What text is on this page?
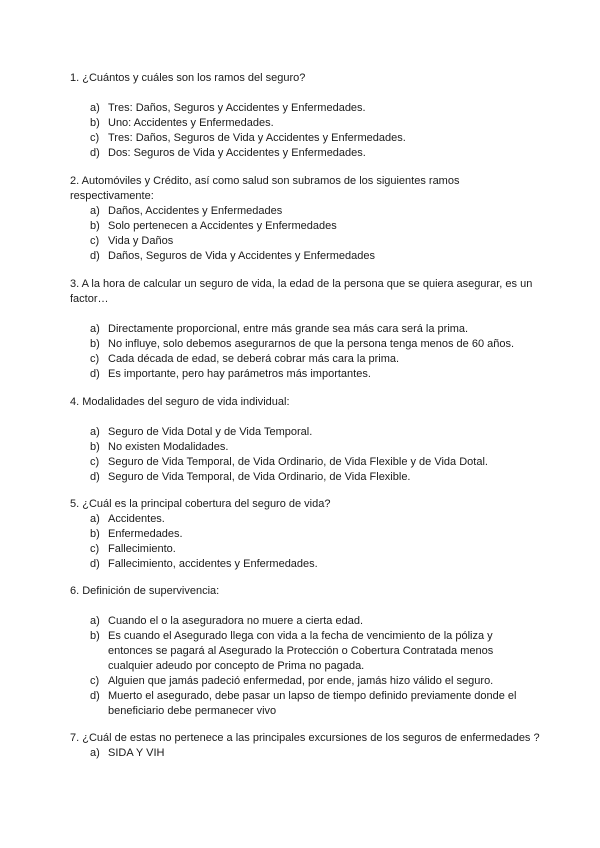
1. ¿Cuántos y cuáles son los ramos del seguro?

a) Tres: Daños, Seguros y Accidentes y Enfermedades.
b) Uno: Accidentes y Enfermedades.
c) Tres: Daños, Seguros de Vida y Accidentes y Enfermedades.
d) Dos: Seguros de Vida y Accidentes y Enfermedades.

2. Automóviles y Crédito, así como salud son subramos de los siguientes ramos respectivamente:

a) Daños, Accidentes y Enfermedades
b) Solo pertenecen a Accidentes y Enfermedades
c) Vida y Daños
d) Daños, Seguros de Vida y Accidentes y Enfermedades

3. A la hora de calcular un seguro de vida, la edad de la persona que se quiera asegurar, es un factor…

a) Directamente proporcional, entre más grande sea más cara será la prima.
b) No influye, solo debemos asegurarnos de que la persona tenga menos de 60 años.
c) Cada década de edad, se deberá cobrar más cara la prima.
d) Es importante, pero hay parámetros más importantes.

4. Modalidades del seguro de vida individual:

a) Seguro de Vida Dotal y de Vida Temporal.
b) No existen Modalidades.
c) Seguro de Vida Temporal, de Vida Ordinario, de Vida Flexible y de Vida Dotal.
d) Seguro de Vida Temporal, de Vida Ordinario, de Vida Flexible.

5. ¿Cuál es la principal cobertura del seguro de vida?

a) Accidentes.
b) Enfermedades.
c) Fallecimiento.
d) Fallecimiento, accidentes y Enfermedades.

6. Definición de supervivencia:

a) Cuando el o la aseguradora no muere a cierta edad.
b) Es cuando el Asegurado llega con vida a la fecha de vencimiento de la póliza y entonces se pagará al Asegurado la Protección o Cobertura Contratada menos cualquier adeudo por concepto de Prima no pagada.
c) Alguien que jamás padeció enfermedad, por ende, jamás hizo válido el seguro.
d) Muerto el asegurado, debe pasar un lapso de tiempo definido previamente donde el beneficiario debe permanecer vivo

7. ¿Cuál de estas no pertenece a las principales excursiones de los seguros de enfermedades ?

a) SIDA Y VIH
